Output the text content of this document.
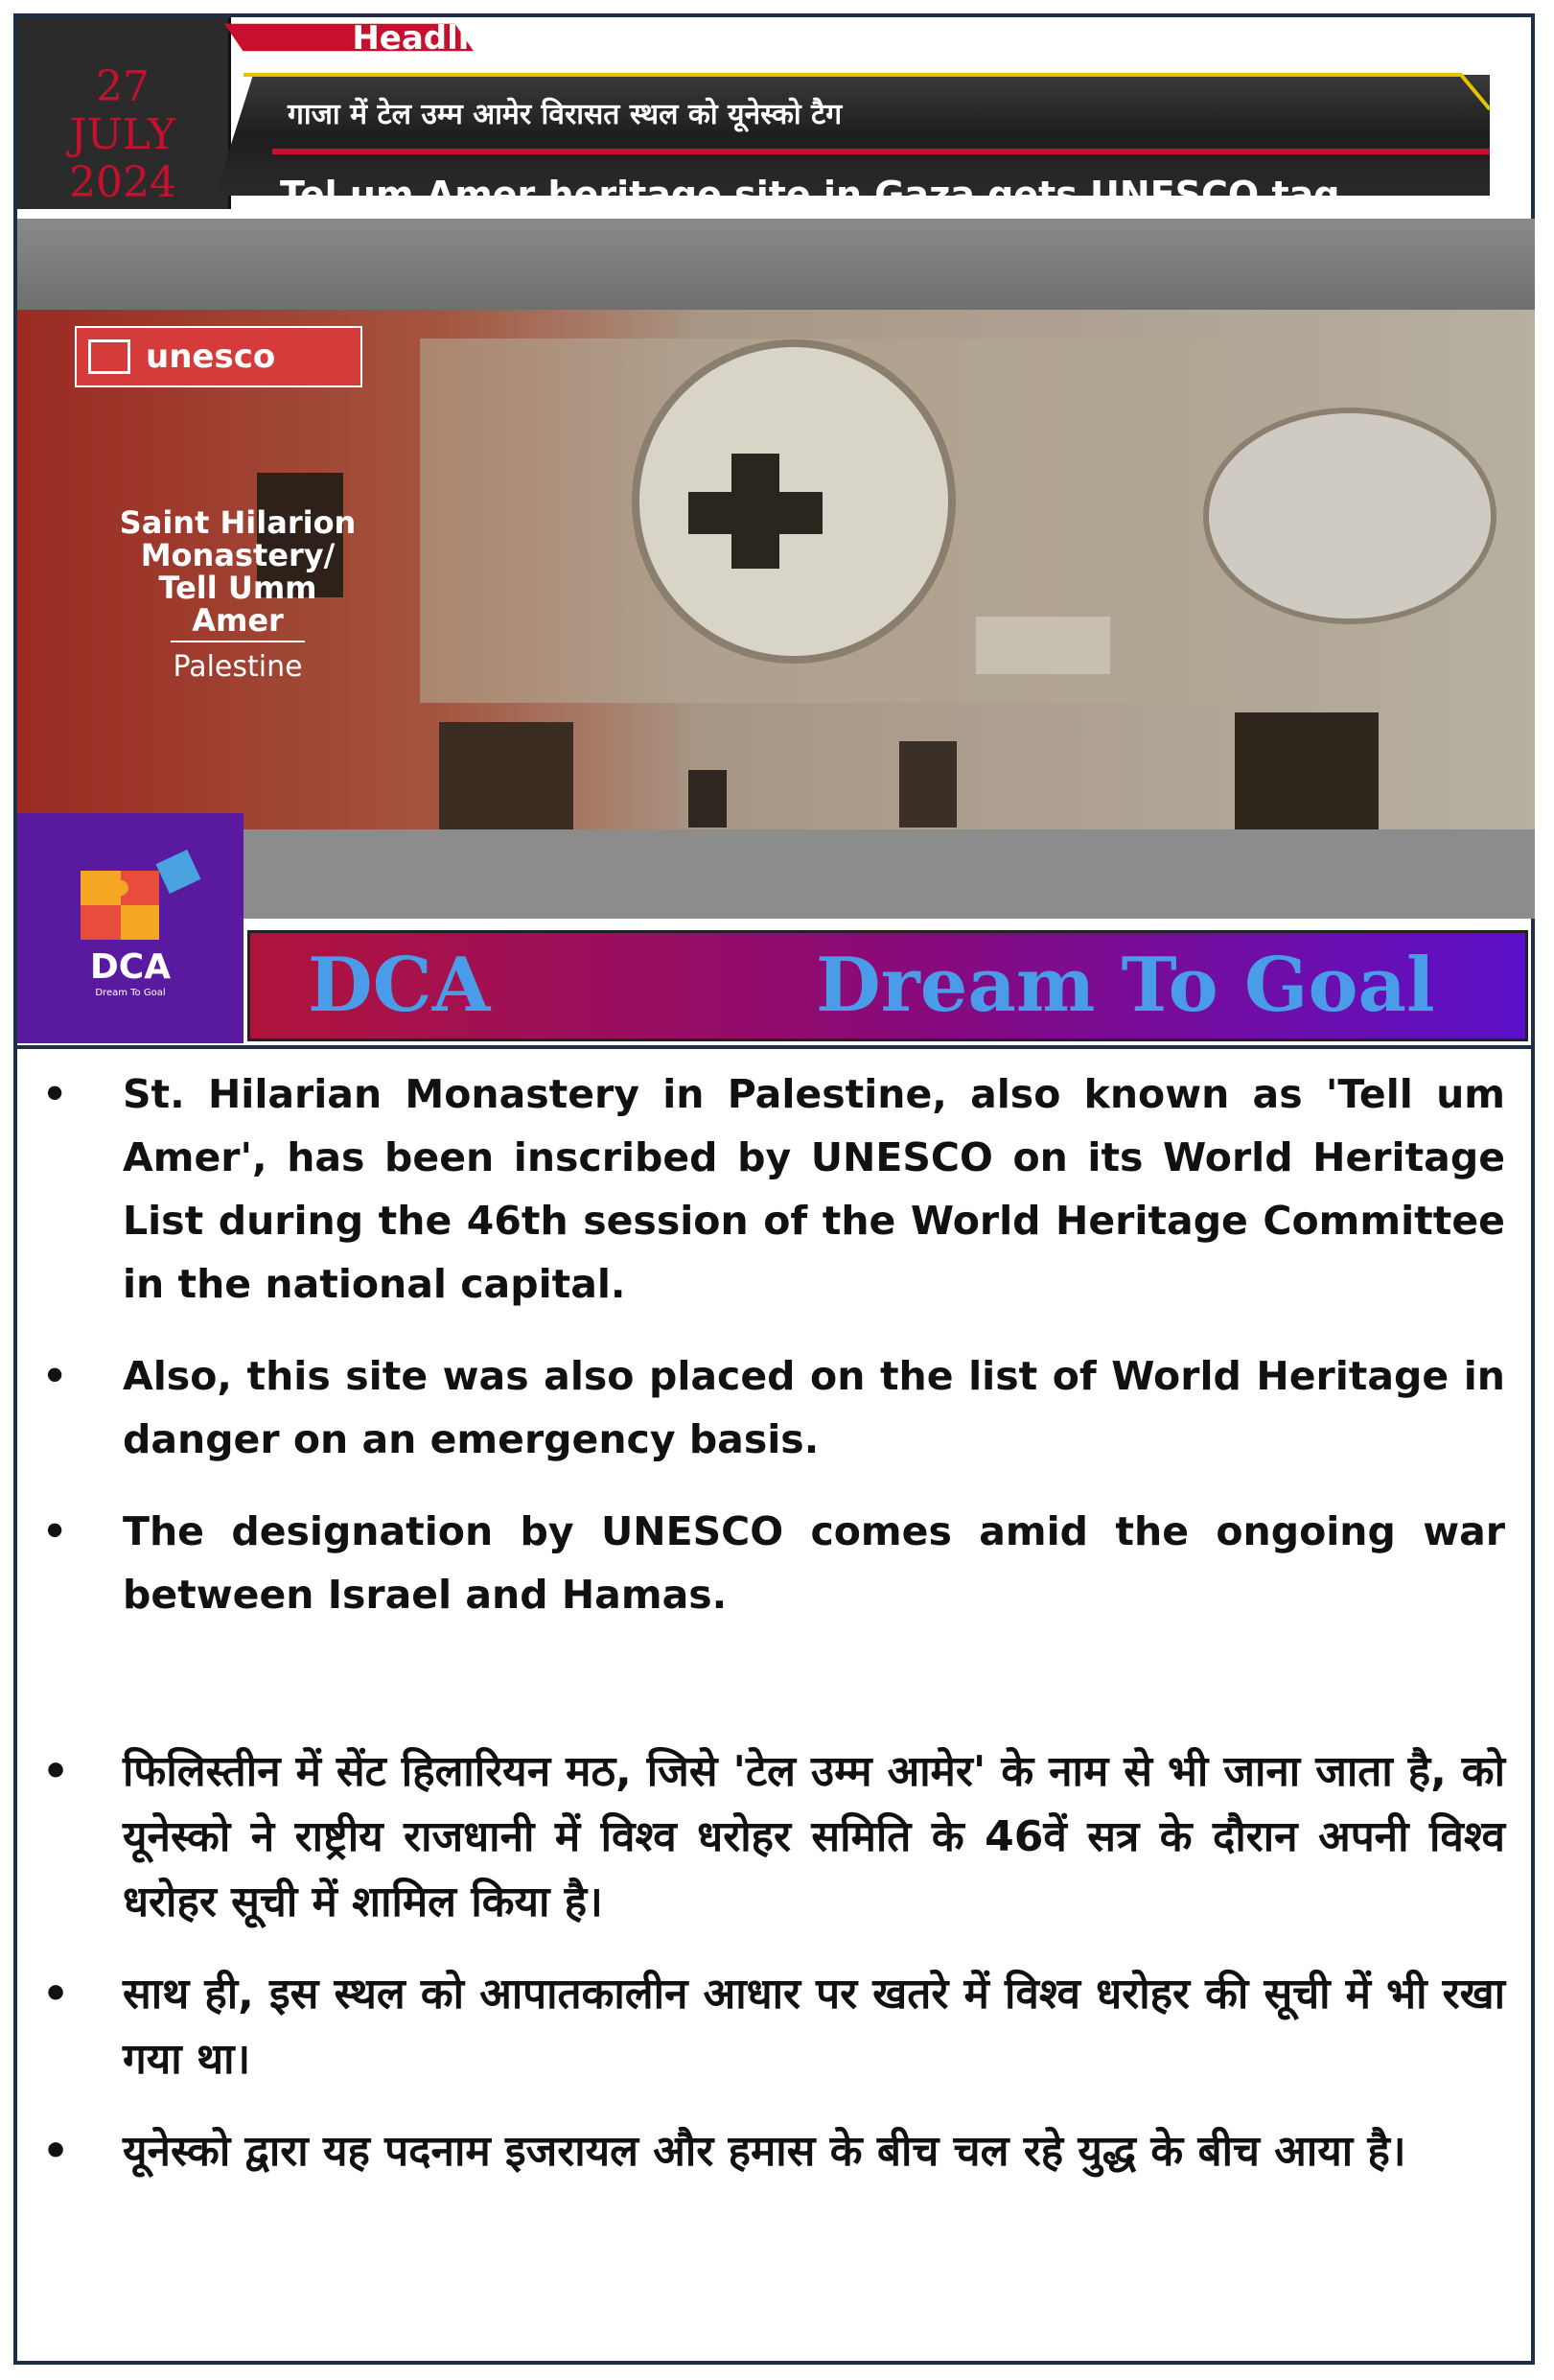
27
JULY
2024
Headline
गाजा में टेल उम्म आमेर विरासत स्थल को यूनेस्को टैग
Tel um Amer heritage site in Gaza gets UNESCO tag
unesco
Saint Hilarion
Monastery/
Tell Umm
Amer
Palestine
DCA
Dream To Goal	DCA	Dream To Goal
• St. Hilarian Monastery in Palestine, also known as 'Tell um Amer', has been inscribed by UNESCO on its World Heritage List during the 46th session of the World Heritage Committee in the national capital.
• Also, this site was also placed on the list of World Heritage in danger on an emergency basis.
• The designation by UNESCO comes amid the ongoing war between Israel and Hamas.
• फिलिस्तीन में सेंट हिलारियन मठ, जिसे 'टेल उम्म आमेर' के नाम से भी जाना जाता है, को यूनेस्को ने राष्ट्रीय राजधानी में विश्व धरोहर समिति के 46वें सत्र के दौरान अपनी विश्व धरोहर सूची में शामिल किया है।
• साथ ही, इस स्थल को आपातकालीन आधार पर खतरे में विश्व धरोहर की सूची में भी रखा गया था।
• यूनेस्को द्वारा यह पदनाम इजरायल और हमास के बीच चल रहे युद्ध के बीच आया है।
